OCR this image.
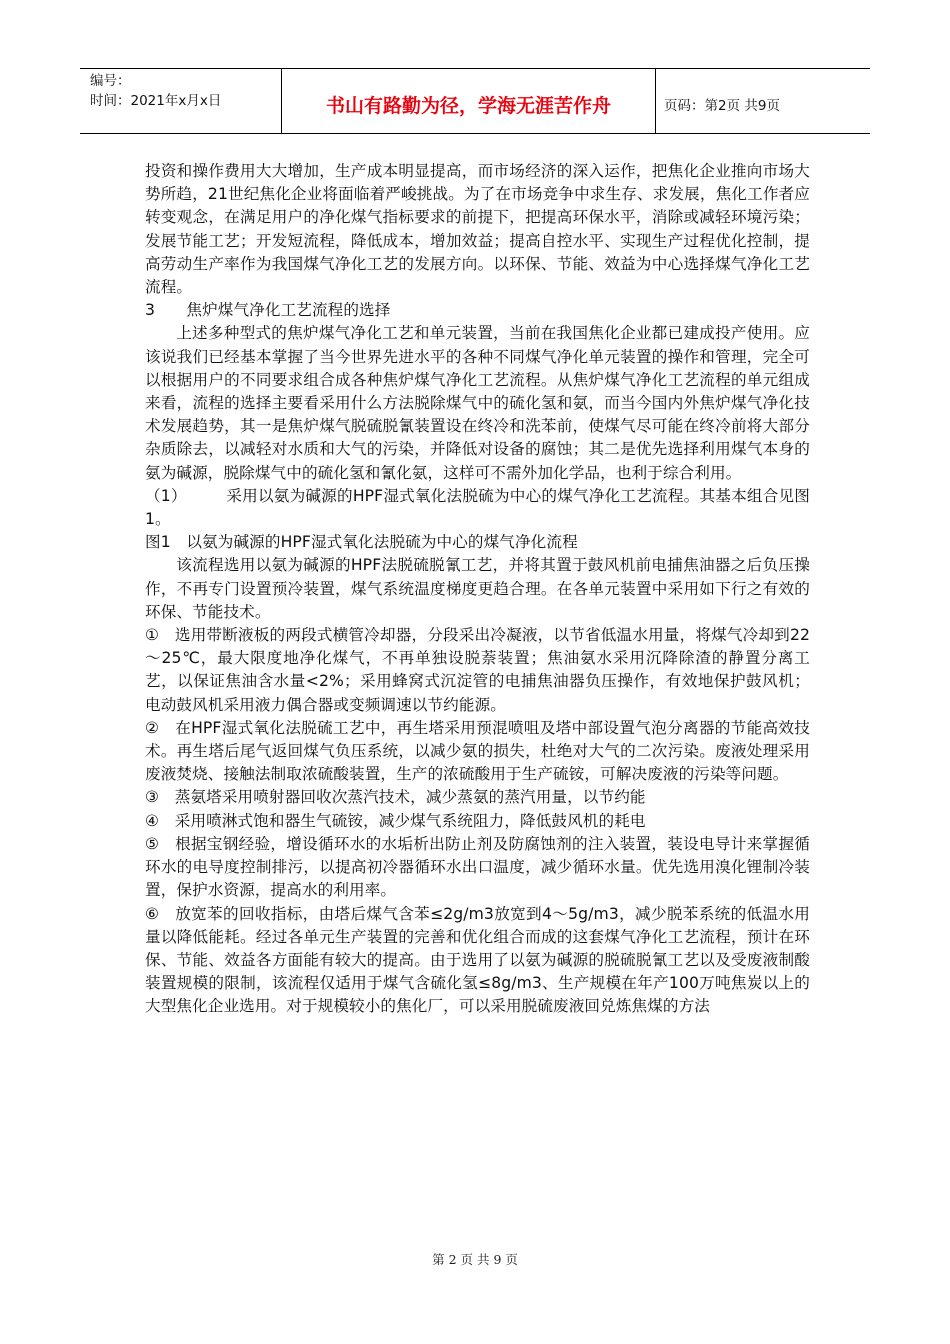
编号：
时间：2021年x月x日	书山有路勤为径，学海无涯苦作舟	页码：第2页 共9页

投资和操作费用大大增加，生产成本明显提高，而市场经济的深入运作，把焦化企业推向市场大势所趋，21世纪焦化企业将面临着严峻挑战。为了在市场竞争中求生存、求发展，焦化工作者应转变观念，在满足用户的净化煤气指标要求的前提下，把提高环保水平，消除或减轻环境污染；发展节能工艺；开发短流程，降低成本，增加效益；提高自控水平、实现生产过程优化控制，提高劳动生产率作为我国煤气净化工艺的发展方向。以环保、节能、效益为中心选择煤气净化工艺流程。

3　　焦炉煤气净化工艺流程的选择

上述多种型式的焦炉煤气净化工艺和单元装置，当前在我国焦化企业都已建成投产使用。应该说我们已经基本掌握了当今世界先进水平的各种不同煤气净化单元装置的操作和管理，完全可以根据用户的不同要求组合成各种焦炉煤气净化工艺流程。从焦炉煤气净化工艺流程的单元组成来看，流程的选择主要看采用什么方法脱除煤气中的硫化氢和氨，而当今国内外焦炉煤气净化技术发展趋势，其一是焦炉煤气脱硫脱氰装置设在终冷和洗苯前，使煤气尽可能在终冷前将大部分杂质除去，以减轻对水质和大气的污染，并降低对设备的腐蚀；其二是优先选择利用煤气本身的氨为碱源，脱除煤气中的硫化氢和氰化氨，这样可不需外加化学品，也利于综合利用。

（1）　　　采用以氨为碱源的HPF湿式氧化法脱硫为中心的煤气净化工艺流程。其基本组合见图1。

图1　以氨为碱源的HPF湿式氧化法脱硫为中心的煤气净化流程

该流程选用以氨为碱源的HPF法脱硫脱氰工艺，并将其置于鼓风机前电捕焦油器之后负压操作，不再专门设置预冷装置，煤气系统温度梯度更趋合理。在各单元装置中采用如下行之有效的环保、节能技术。

①　选用带断液板的两段式横管冷却器，分段采出冷凝液，以节省低温水用量，将煤气冷却到22～25℃，最大限度地净化煤气，不再单独设脱萘装置；焦油氨水采用沉降除渣的静置分离工艺，以保证焦油含水量<2%；采用蜂窝式沉淀管的电捕焦油器负压操作，有效地保护鼓风机；电动鼓风机采用液力偶合器或变频调速以节约能源。

②　在HPF湿式氧化法脱硫工艺中，再生塔采用预混喷咀及塔中部设置气泡分离器的节能高效技术。再生塔后尾气返回煤气负压系统，以减少氨的损失，杜绝对大气的二次污染。废液处理采用废液焚烧、接触法制取浓硫酸装置，生产的浓硫酸用于生产硫铵，可解决废液的污染等问题。

③　蒸氨塔采用喷射器回收次蒸汽技术，减少蒸氨的蒸汽用量，以节约能

④　采用喷淋式饱和器生气硫铵，减少煤气系统阻力，降低鼓风机的耗电

⑤　根据宝钢经验，增设循环水的水垢析出防止剂及防腐蚀剂的注入装置，装设电导计来掌握循环水的电导度控制排污，以提高初冷器循环水出口温度，减少循环水量。优先选用溴化锂制冷装置，保护水资源，提高水的利用率。

⑥　放宽苯的回收指标，由塔后煤气含苯≤2g/m3放宽到4～5g/m3，减少脱苯系统的低温水用量以降低能耗。经过各单元生产装置的完善和优化组合而成的这套煤气净化工艺流程，预计在环保、节能、效益各方面能有较大的提高。由于选用了以氨为碱源的脱硫脱氰工艺以及受废液制酸装置规模的限制，该流程仅适用于煤气含硫化氢≤8g/m3、生产规模在年产100万吨焦炭以上的大型焦化企业选用。对于规模较小的焦化厂，可以采用脱硫废液回兑炼焦煤的方法

第 2 页 共 9 页
